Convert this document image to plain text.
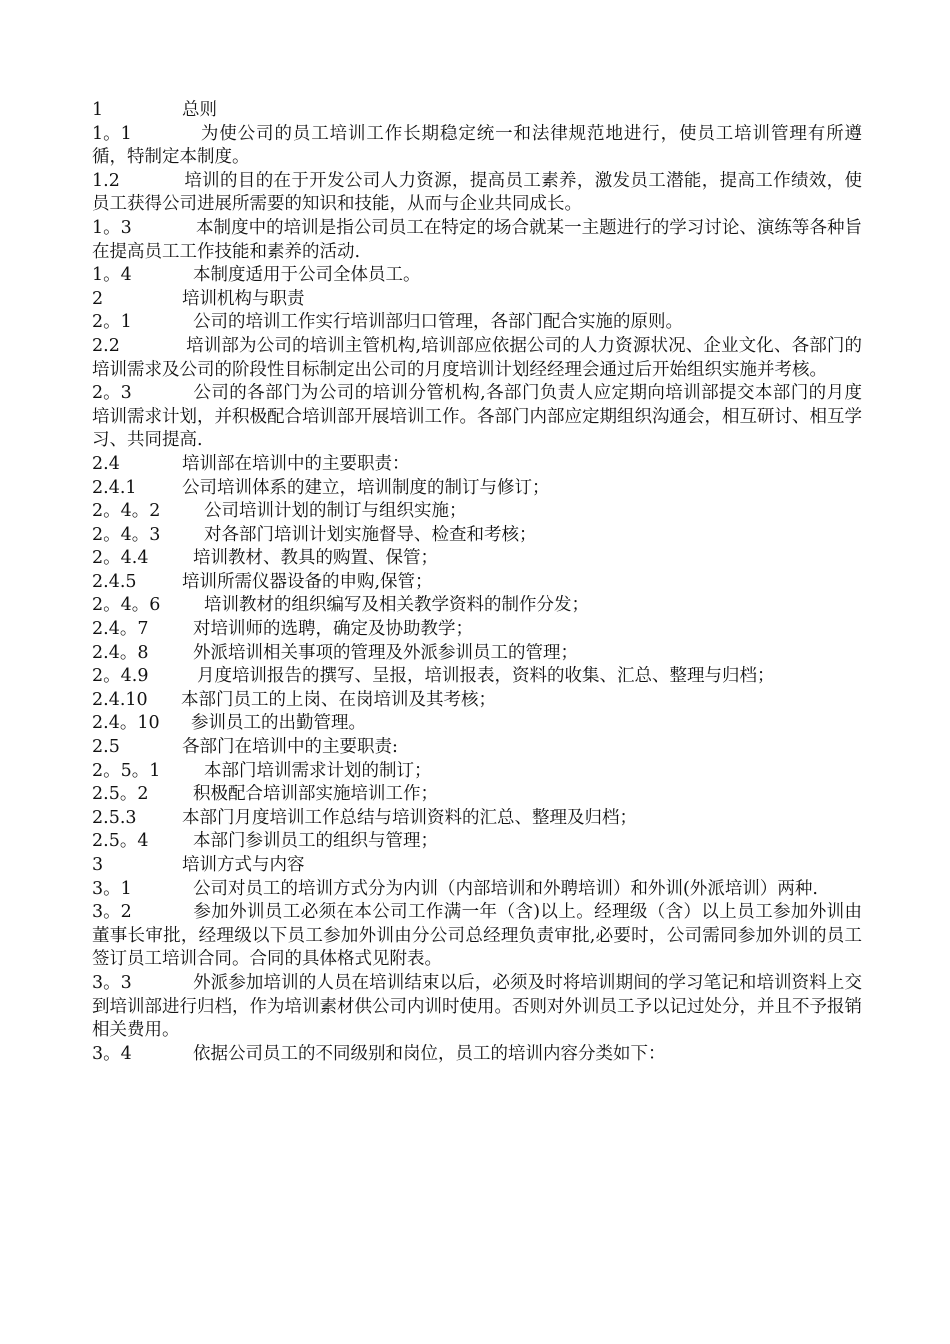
1	总则

1。1	为使公司的员工培训工作长期稳定统一和法律规范地进行，使员工培训管理有所遵循，特制定本制度。

1.2	培训的目的在于开发公司人力资源，提高员工素养，激发员工潜能，提高工作绩效，使员工获得公司进展所需要的知识和技能，从而与企业共同成长。

1。3	本制度中的培训是指公司员工在特定的场合就某一主题进行的学习讨论、演练等各种旨在提高员工工作技能和素养的活动.

1。4	本制度适用于公司全体员工。

2	培训机构与职责

2。1	公司的培训工作实行培训部归口管理，各部门配合实施的原则。

2.2	培训部为公司的培训主管机构,培训部应依据公司的人力资源状况、企业文化、各部门的培训需求及公司的阶段性目标制定出公司的月度培训计划经经理会通过后开始组织实施并考核。

2。3	公司的各部门为公司的培训分管机构,各部门负责人应定期向培训部提交本部门的月度培训需求计划，并积极配合培训部开展培训工作。各部门内部应定期组织沟通会，相互研讨、相互学习、共同提高.

2.4	培训部在培训中的主要职责：

2.4.1	公司培训体系的建立，培训制度的制订与修订；

2。4。2 公司培训计划的制订与组织实施；

2。4。3 对各部门培训计划实施督导、检查和考核；

2。4.4	培训教材、教具的购置、保管；

2.4.5	培训所需仪器设备的申购,保管；

2。4。6 培训教材的组织编写及相关教学资料的制作分发；

2.4。7	对培训师的选聘，确定及协助教学；

2.4。8	外派培训相关事项的管理及外派参训员工的管理；

2。4.9	月度培训报告的撰写、呈报，培训报表，资料的收集、汇总、整理与归档；

2.4.10 本部门员工的上岗、在岗培训及其考核；

2.4。10 参训员工的出勤管理。

2.5	各部门在培训中的主要职责:

2。5。1 本部门培训需求计划的制订；

2.5。2	积极配合培训部实施培训工作；

2.5.3	本部门月度培训工作总结与培训资料的汇总、整理及归档；

2.5。4	本部门参训员工的组织与管理；

3	培训方式与内容

3。1	公司对员工的培训方式分为内训（内部培训和外聘培训）和外训(外派培训）两种.

3。2	参加外训员工必须在本公司工作满一年（含)以上。经理级（含）以上员工参加外训由董事长审批，经理级以下员工参加外训由分公司总经理负责审批,必要时，公司需同参加外训的员工签订员工培训合同。合同的具体格式见附表。

3。3	外派参加培训的人员在培训结束以后，必须及时将培训期间的学习笔记和培训资料上交到培训部进行归档，作为培训素材供公司内训时使用。否则对外训员工予以记过处分，并且不予报销相关费用。

3。4	依据公司员工的不同级别和岗位，员工的培训内容分类如下：
